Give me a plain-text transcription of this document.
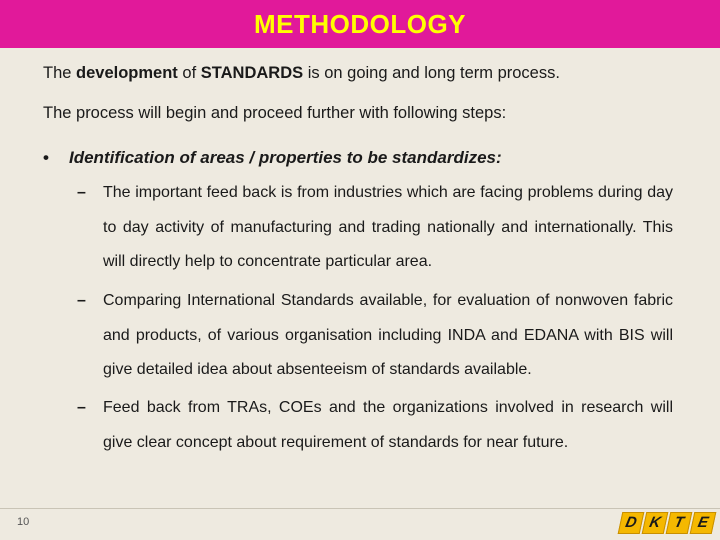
METHODOLOGY
The development of STANDARDS is on going and long term process.
The process will begin and proceed further with following steps:
• Identification of areas / properties to be standardizes:
– The important feed back is from industries which are facing problems during day to day activity of manufacturing and trading nationally and internationally. This will directly help to concentrate particular area.
– Comparing International Standards available, for evaluation of nonwoven fabric and products, of various organisation including INDA and EDANA with BIS will give detailed idea about absenteeism of standards available.
– Feed back from TRAs, COEs and the organizations involved in research will give clear concept about requirement of standards for near future.
10	D K T E
